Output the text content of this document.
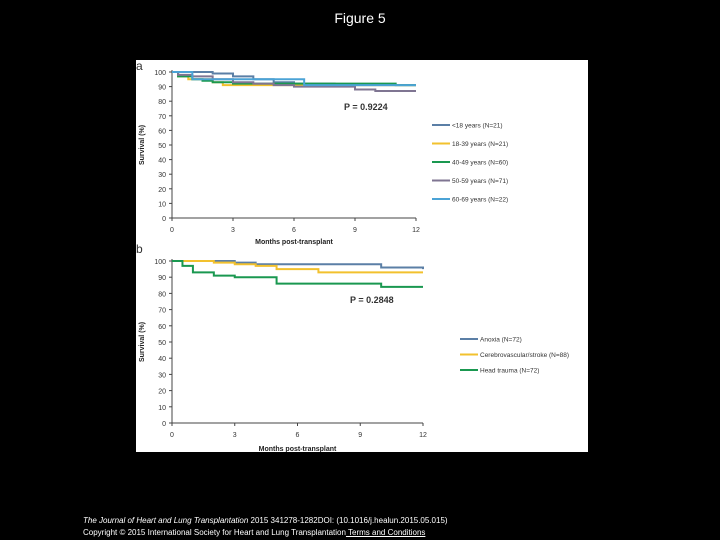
Figure 5
a
0
10
20
30
40
50
60
70
80
90
100
0	3	6	9	12
Months post-transplant
Survival (%)
P = 0.9224
<18 years (N=21)
18-39 years (N=21)
40-49 years (N=60)
50-59 years (N=71)
60-69 years (N=22)
b
0
10
20
30
40
50
60
70
80
90
100
0	3	6	9	12
Months post-transplant
Survival (%)
P = 0.2848
Anoxia (N=72)
Cerebrovascular/stroke (N=88)
Head trauma (N=72)
The Journal of Heart and Lung Transplantation 2015 341278-1282DOI: (10.1016/j.healun.2015.05.015)
Copyright © 2015 International Society for Heart and Lung Transplantation Terms and Conditions
